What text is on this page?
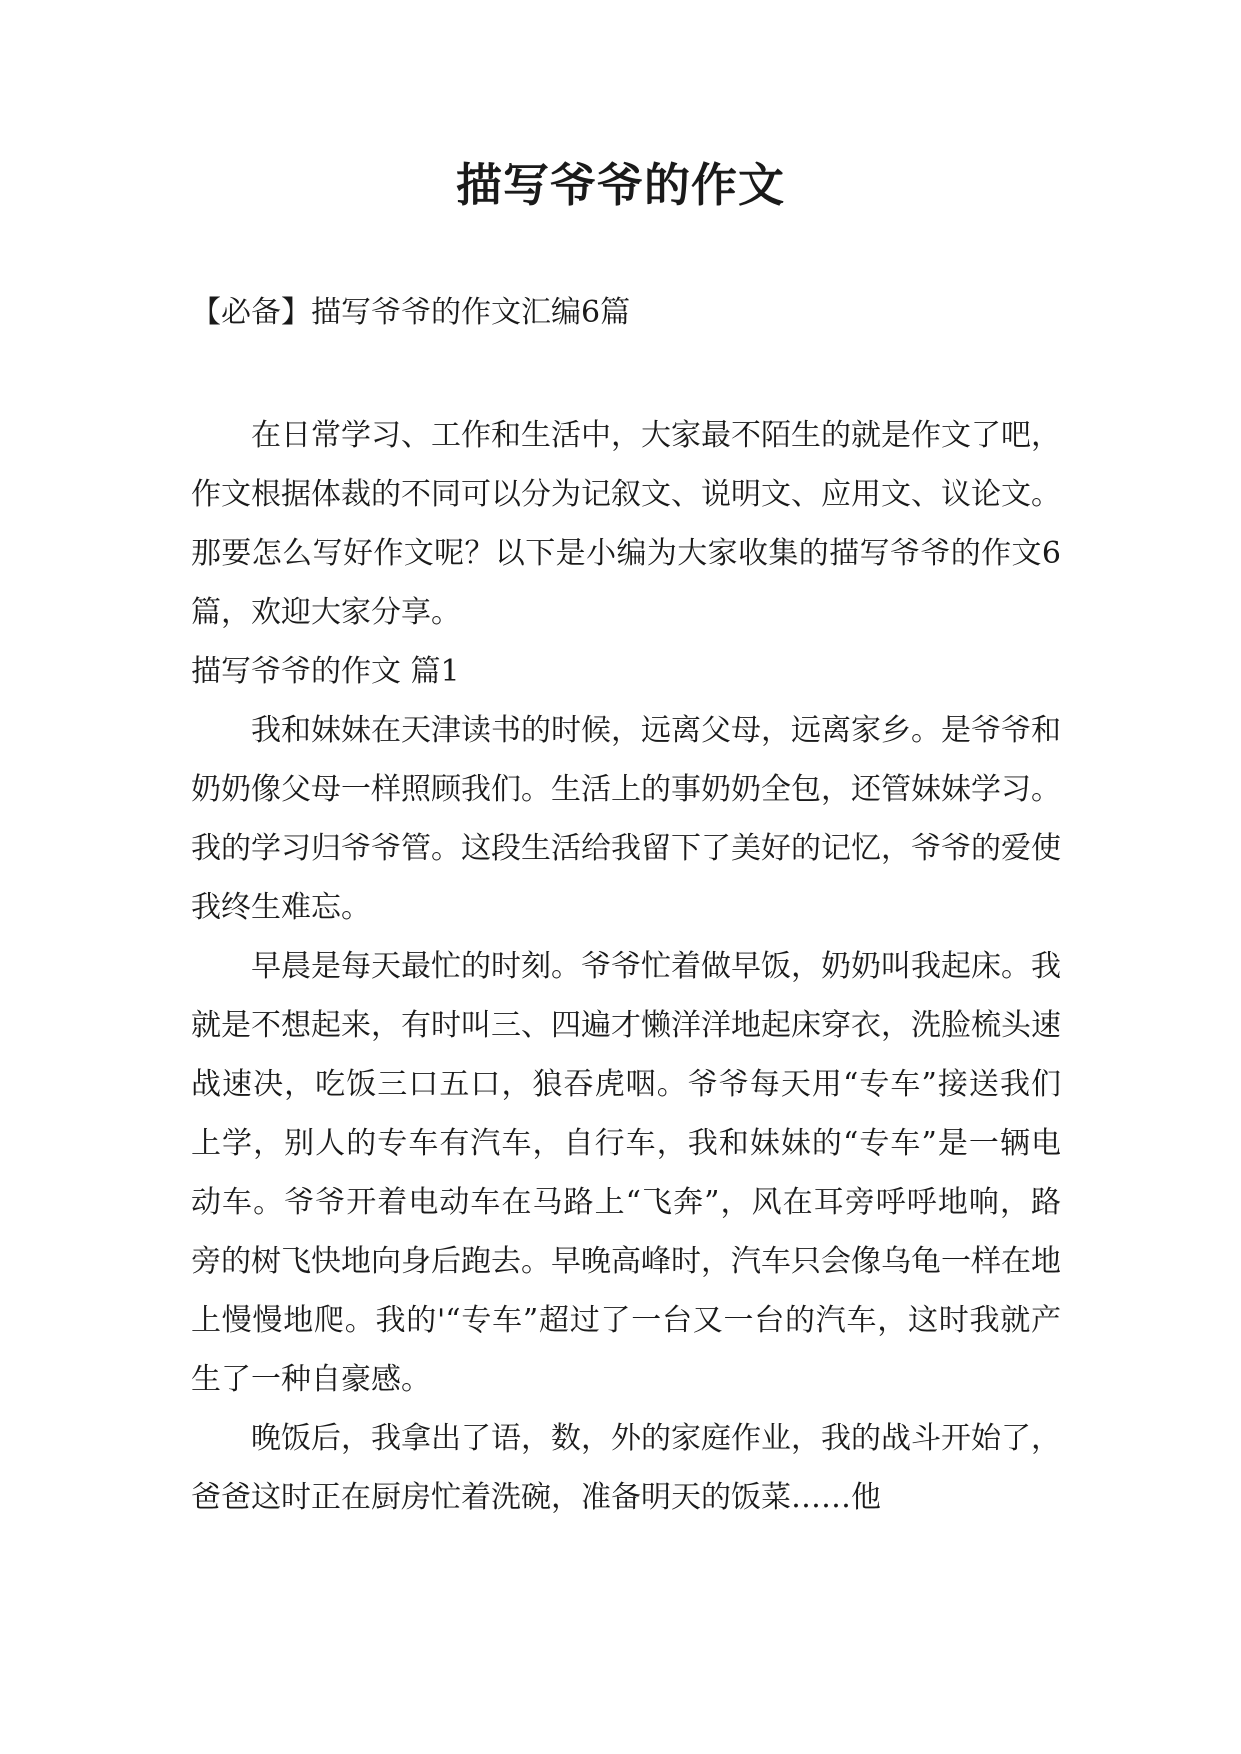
描写爷爷的作文
【必备】描写爷爷的作文汇编6篇

在日常学习、工作和生活中，大家最不陌生的就是作文了吧，作文根据体裁的不同可以分为记叙文、说明文、应用文、议论文。那要怎么写好作文呢？以下是小编为大家收集的描写爷爷的作文6篇，欢迎大家分享。

描写爷爷的作文 篇1

我和妹妹在天津读书的时候，远离父母，远离家乡。是爷爷和奶奶像父母一样照顾我们。生活上的事奶奶全包，还管妹妹学习。我的学习归爷爷管。这段生活给我留下了美好的记忆，爷爷的爱使我终生难忘。

早晨是每天最忙的时刻。爷爷忙着做早饭，奶奶叫我起床。我就是不想起来，有时叫三、四遍才懒洋洋地起床穿衣，洗脸梳头速战速决，吃饭三口五口，狼吞虎咽。爷爷每天用“专车”接送我们上学，别人的专车有汽车，自行车，我和妹妹的“专车”是一辆电动车。爷爷开着电动车在马路上“飞奔”，风在耳旁呼呼地响，路旁的树飞快地向身后跑去。早晚高峰时，汽车只会像乌龟一样在地上慢慢地爬。我的'“专车”超过了一台又一台的汽车，这时我就产生了一种自豪感。

晚饭后，我拿出了语，数，外的家庭作业，我的战斗开始了，爸爸这时正在厨房忙着洗碗，准备明天的饭菜……他
